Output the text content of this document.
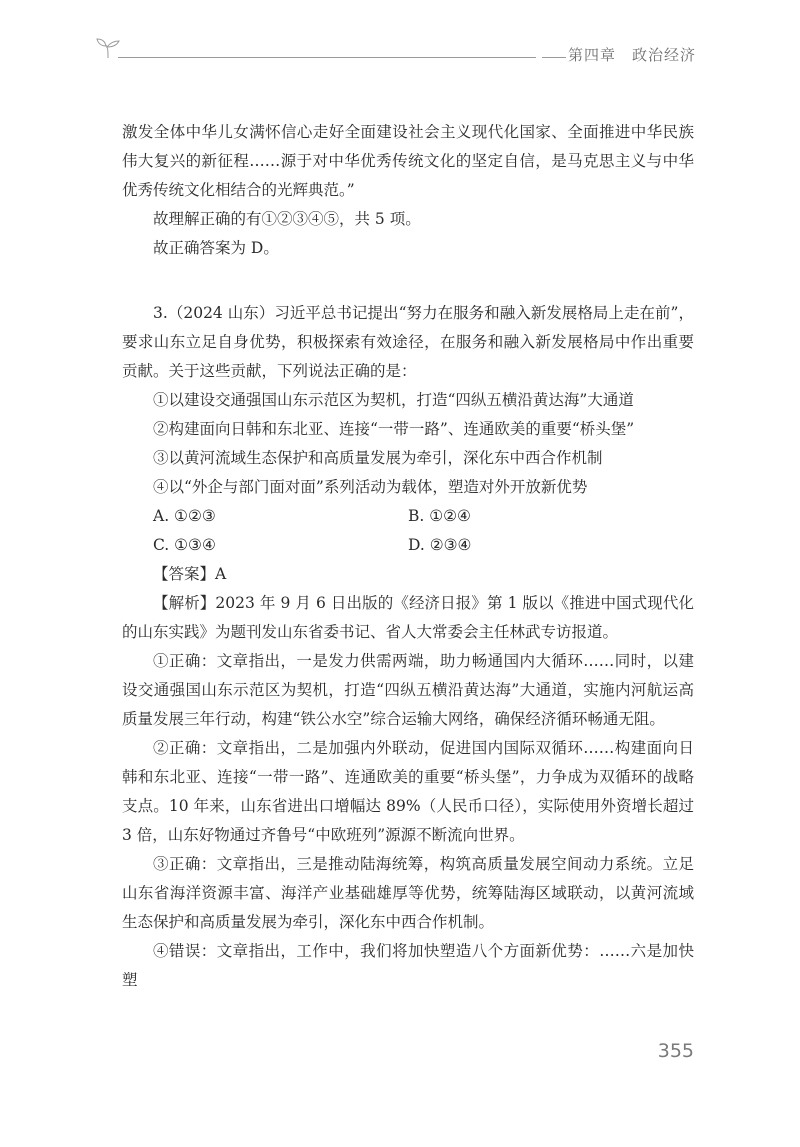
第四章　政治经济

激发全体中华儿女满怀信心走好全面建设社会主义现代化国家、全面推进中华民族伟大复兴的新征程……源于对中华优秀传统文化的坚定自信，是马克思主义与中华优秀传统文化相结合的光辉典范。”

故理解正确的有①②③④⑤，共 5 项。

故正确答案为 D。

3.（2024 山东）习近平总书记提出“努力在服务和融入新发展格局上走在前”，要求山东立足自身优势，积极探索有效途径，在服务和融入新发展格局中作出重要贡献。关于这些贡献，下列说法正确的是：

①以建设交通强国山东示范区为契机，打造“四纵五横沿黄达海”大通道

②构建面向日韩和东北亚、连接“一带一路”、连通欧美的重要“桥头堡”

③以黄河流域生态保护和高质量发展为牵引，深化东中西合作机制

④以“外企与部门面对面”系列活动为载体，塑造对外开放新优势

A. ①②③	B. ①②④
C. ①③④	D. ②③④

【答案】A

【解析】2023 年 9 月 6 日出版的《经济日报》第 1 版以《推进中国式现代化的山东实践》为题刊发山东省委书记、省人大常委会主任林武专访报道。

①正确：文章指出，一是发力供需两端，助力畅通国内大循环……同时，以建设交通强国山东示范区为契机，打造“四纵五横沿黄达海”大通道，实施内河航运高质量发展三年行动，构建“铁公水空”综合运输大网络，确保经济循环畅通无阻。

②正确：文章指出，二是加强内外联动，促进国内国际双循环……构建面向日韩和东北亚、连接“一带一路”、连通欧美的重要“桥头堡”，力争成为双循环的战略支点。10 年来，山东省进出口增幅达 89%（人民币口径），实际使用外资增长超过 3 倍，山东好物通过齐鲁号“中欧班列”源源不断流向世界。

③正确：文章指出，三是推动陆海统筹，构筑高质量发展空间动力系统。立足山东省海洋资源丰富、海洋产业基础雄厚等优势，统筹陆海区域联动，以黄河流域生态保护和高质量发展为牵引，深化东中西合作机制。

④错误：文章指出，工作中，我们将加快塑造八个方面新优势：……六是加快塑

355
